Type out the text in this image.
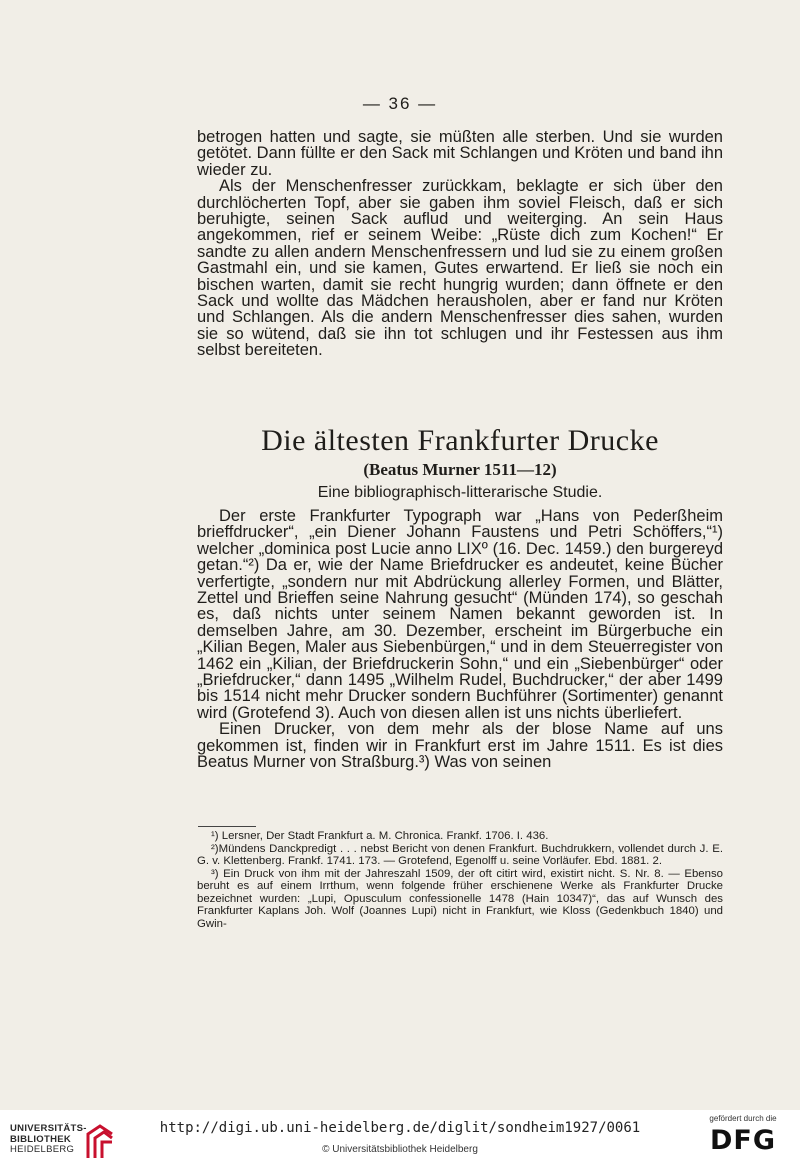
— 36 —

betrogen hatten und sagte, sie müßten alle sterben. Und sie wurden getötet. Dann füllte er den Sack mit Schlangen und Kröten und band ihn wieder zu.

Als der Menschenfresser zurückkam, beklagte er sich über den durchlöcherten Topf, aber sie gaben ihm soviel Fleisch, daß er sich beruhigte, seinen Sack auflud und weiterging. An sein Haus angekommen, rief er seinem Weibe: „Rüste dich zum Kochen!“ Er sandte zu allen andern Menschenfressern und lud sie zu einem großen Gastmahl ein, und sie kamen, Gutes erwartend. Er ließ sie noch ein bischen warten, damit sie recht hungrig wurden; dann öffnete er den Sack und wollte das Mädchen herausholen, aber er fand nur Kröten und Schlangen. Als die andern Menschenfresser dies sahen, wurden sie so wütend, daß sie ihn tot schlugen und ihr Festessen aus ihm selbst bereiteten.

Die ältesten Frankfurter Drucke
(Beatus Murner 1511—12)
Eine bibliographisch-litterarische Studie.

Der erste Frankfurter Typograph war „Hans von Pederßheim brieffdrucker“, „ein Diener Johann Faustens und Petri Schöffers,“¹) welcher „dominica post Lucie anno LIXº (16. Dec. 1459.) den burgereyd getan.“²) Da er, wie der Name Briefdrucker es andeutet, keine Bücher verfertigte, „sondern nur mit Abdrückung allerley Formen, und Blätter, Zettel und Brieffen seine Nahrung gesucht“ (Münden 174), so geschah es, daß nichts unter seinem Namen bekannt geworden ist. In demselben Jahre, am 30. Dezember, erscheint im Bürgerbuche ein „Kilian Begen, Maler aus Siebenbürgen,“ und in dem Steuerregister von 1462 ein „Kilian, der Briefdruckerin Sohn,“ und ein „Siebenbürger“ oder „Briefdrucker,“ dann 1495 „Wilhelm Rudel, Buchdrucker,“ der aber 1499 bis 1514 nicht mehr Drucker sondern Buchführer (Sortimenter) genannt wird (Grotefend 3). Auch von diesen allen ist uns nichts überliefert.

Einen Drucker, von dem mehr als der blose Name auf uns gekommen ist, finden wir in Frankfurt erst im Jahre 1511. Es ist dies Beatus Murner von Straßburg.³) Was von seinen

¹) Lersner, Der Stadt Frankfurt a. M. Chronica. Frankf. 1706. I. 436.

²)Mündens Danckpredigt . . . nebst Bericht von denen Frankfurt. Buchdrukkern, vollendet durch J. E. G. v. Klettenberg. Frankf. 1741. 173. — Grotefend, Egenolff u. seine Vorläufer. Ebd. 1881. 2.

³) Ein Druck von ihm mit der Jahreszahl 1509, der oft citirt wird, existirt nicht. S. Nr. 8. — Ebenso beruht es auf einem Irrthum, wenn folgende früher erschienene Werke als Frankfurter Drucke bezeichnet wurden: „Lupi, Opusculum confessionelle 1478 (Hain 10347)“, das auf Wunsch des Frankfurter Kaplans Joh. Wolf (Joannes Lupi) nicht in Frankfurt, wie Kloss (Gedenkbuch 1840) und Gwin-

UNIVERSITÄTS-
BIBLIOTHEK
HEIDELBERG
http://digi.ub.uni-heidelberg.de/diglit/sondheim1927/0061
© Universitätsbibliothek Heidelberg
gefördert durch die
DFG
